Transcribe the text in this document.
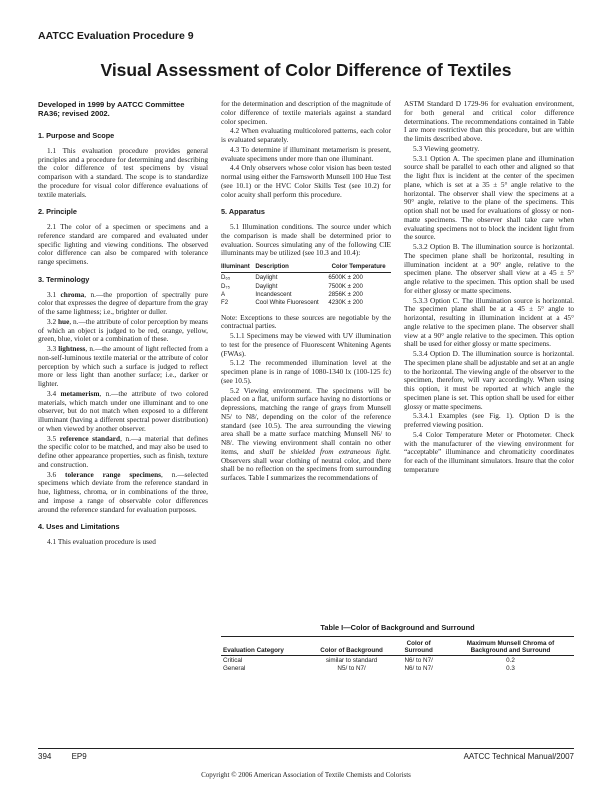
AATCC Evaluation Procedure 9
Visual Assessment of Color Difference of Textiles
Developed in 1999 by AATCC Committee RA36; revised 2002.
1. Purpose and Scope

1.1 This evaluation procedure provides general principles and a procedure for determining and describing the color difference of test specimens by visual comparison with a standard. The scope is to standardize the procedure for visual color difference evaluations of textile materials.

2. Principle

2.1 The color of a specimen or specimens and a reference standard are compared and evaluated under specific lighting and viewing conditions. The observed color difference can also be compared with tolerance range specimens.

3. Terminology

3.1 chroma, n.—the proportion of spectrally pure color that expresses the degree of departure from the gray of the same lightness; i.e., brighter or duller.

3.2 hue, n.—the attribute of color perception by means of which an object is judged to be red, orange, yellow, green, blue, violet or a combination of these.

3.3 lightness, n.—the amount of light reflected from a non-self-luminous textile material or the attribute of color perception by which such a surface is judged to reflect more or less light than another surface; i.e., darker or lighter.

3.4 metamerism, n.—the attribute of two colored materials, which match under one illuminant and to one observer, but do not match when exposed to a different illuminant (having a different spectral power distribution) or when viewed by another observer.

3.5 reference standard, n.—a material that defines the specific color to be matched, and may also be used to define other appearance properties, such as finish, texture and construction.

3.6 tolerance range specimens, n.—selected specimens which deviate from the reference standard in hue, lightness, chroma, or in combinations of the three, and impose a range of observable color differences around the reference standard for evaluation purposes.

4. Uses and Limitations

4.1 This evaluation procedure is used

for the determination and description of the magnitude of color difference of textile materials against a standard color specimen.

4.2 When evaluating multicolored patterns, each color is evaluated separately.

4.3 To determine if illuminant metamerism is present, evaluate specimens under more than one illuminant.

4.4 Only observers whose color vision has been tested normal using either the Farnsworth Munsell 100 Hue Test (see 10.1) or the HVC Color Skills Test (see 10.2) for color acuity shall perform this procedure.

5. Apparatus

5.1 Illumination conditions. The source under which the comparison is made shall be determined prior to evaluation. Sources simulating any of the following CIE illuminants may be utilized (see 10.3 and 10.4):

Illuminant	Description	Color Temperature
D₆₅	Daylight	6500K ± 200
D₇₅	Daylight	7500K ± 200
A	Incandescent	2856K ± 200
F2	Cool White Fluorescent	4230K ± 200

Note: Exceptions to these sources are negotiable by the contractual parties.

5.1.1 Specimens may be viewed with UV illumination to test for the presence of Fluorescent Whitening Agents (FWAs).

5.1.2 The recommended illumination level at the specimen plane is in range of 1080-1340 lx (100-125 fc) (see 10.5).

5.2 Viewing environment. The specimens will be placed on a flat, uniform surface having no distortions or depressions, matching the range of grays from Munsell N5/ to N8/, depending on the color of the reference standard (see 10.5). The area surrounding the viewing area shall be a matte surface matching Munsell N6/ to N8/. The viewing environment shall contain no other items, and shall be shielded from extraneous light. Observers shall wear clothing of neutral color, and there shall be no reflection on the specimens from surrounding surfaces. Table I summarizes the recommendations of

ASTM Standard D 1729-96 for evaluation environment, for both general and critical color difference determinations. The recommendations contained in Table I are more restrictive than this procedure, but are within the limits described above.

5.3 Viewing geometry.

5.3.1 Option A. The specimen plane and illumination source shall be parallel to each other and aligned so that the light flux is incident at the center of the specimen plane, which is set at a 35 ± 5° angle relative to the horizontal. The observer shall view the specimens at a 90° angle, relative to the plane of the specimens. This option shall not be used for evaluations of glossy or non-matte specimens. The observer shall take care when evaluating specimens not to block the incident light from the source.

5.3.2 Option B. The illumination source is horizontal. The specimen plane shall be horizontal, resulting in illumination incident at a 90° angle, relative to the specimen plane. The observer shall view at a 45 ± 5° angle relative to the specimen. This option shall be used for either glossy or matte specimens.

5.3.3 Option C. The illumination source is horizontal. The specimen plane shall be at a 45 ± 5° angle to horizontal, resulting in illumination incident at a 45° angle relative to the specimen plane. The observer shall view at a 90° angle relative to the specimen. This option shall be used for either glossy or matte specimens.

5.3.4 Option D. The illumination source is horizontal. The specimen plane shall be adjustable and set at an angle to the horizontal. The viewing angle of the observer to the specimen, therefore, will vary accordingly. When using this option, it must be reported at which angle the specimen plane is set. This option shall be used for either glossy or matte specimens.

5.3.4.1 Examples (see Fig. 1). Option D is the preferred viewing position.

5.4 Color Temperature Meter or Photometer. Check with the manufacturer of the viewing environment for “acceptable” illuminance and chromaticity coordinates for each of the illuminant simulators. Insure that the color temperature

Table I—Color of Background and Surround
Evaluation Category	Color of Background	Color of Surround	Maximum Munsell Chroma of Background and Surround
Critical	similar to standard	N6/ to N7/	0.2
General	N5/ to N7/	N6/ to N7/	0.3
394	EP9	AATCC Technical Manual/2007
Copyright © 2006 American Association of Textile Chemists and Colorists
